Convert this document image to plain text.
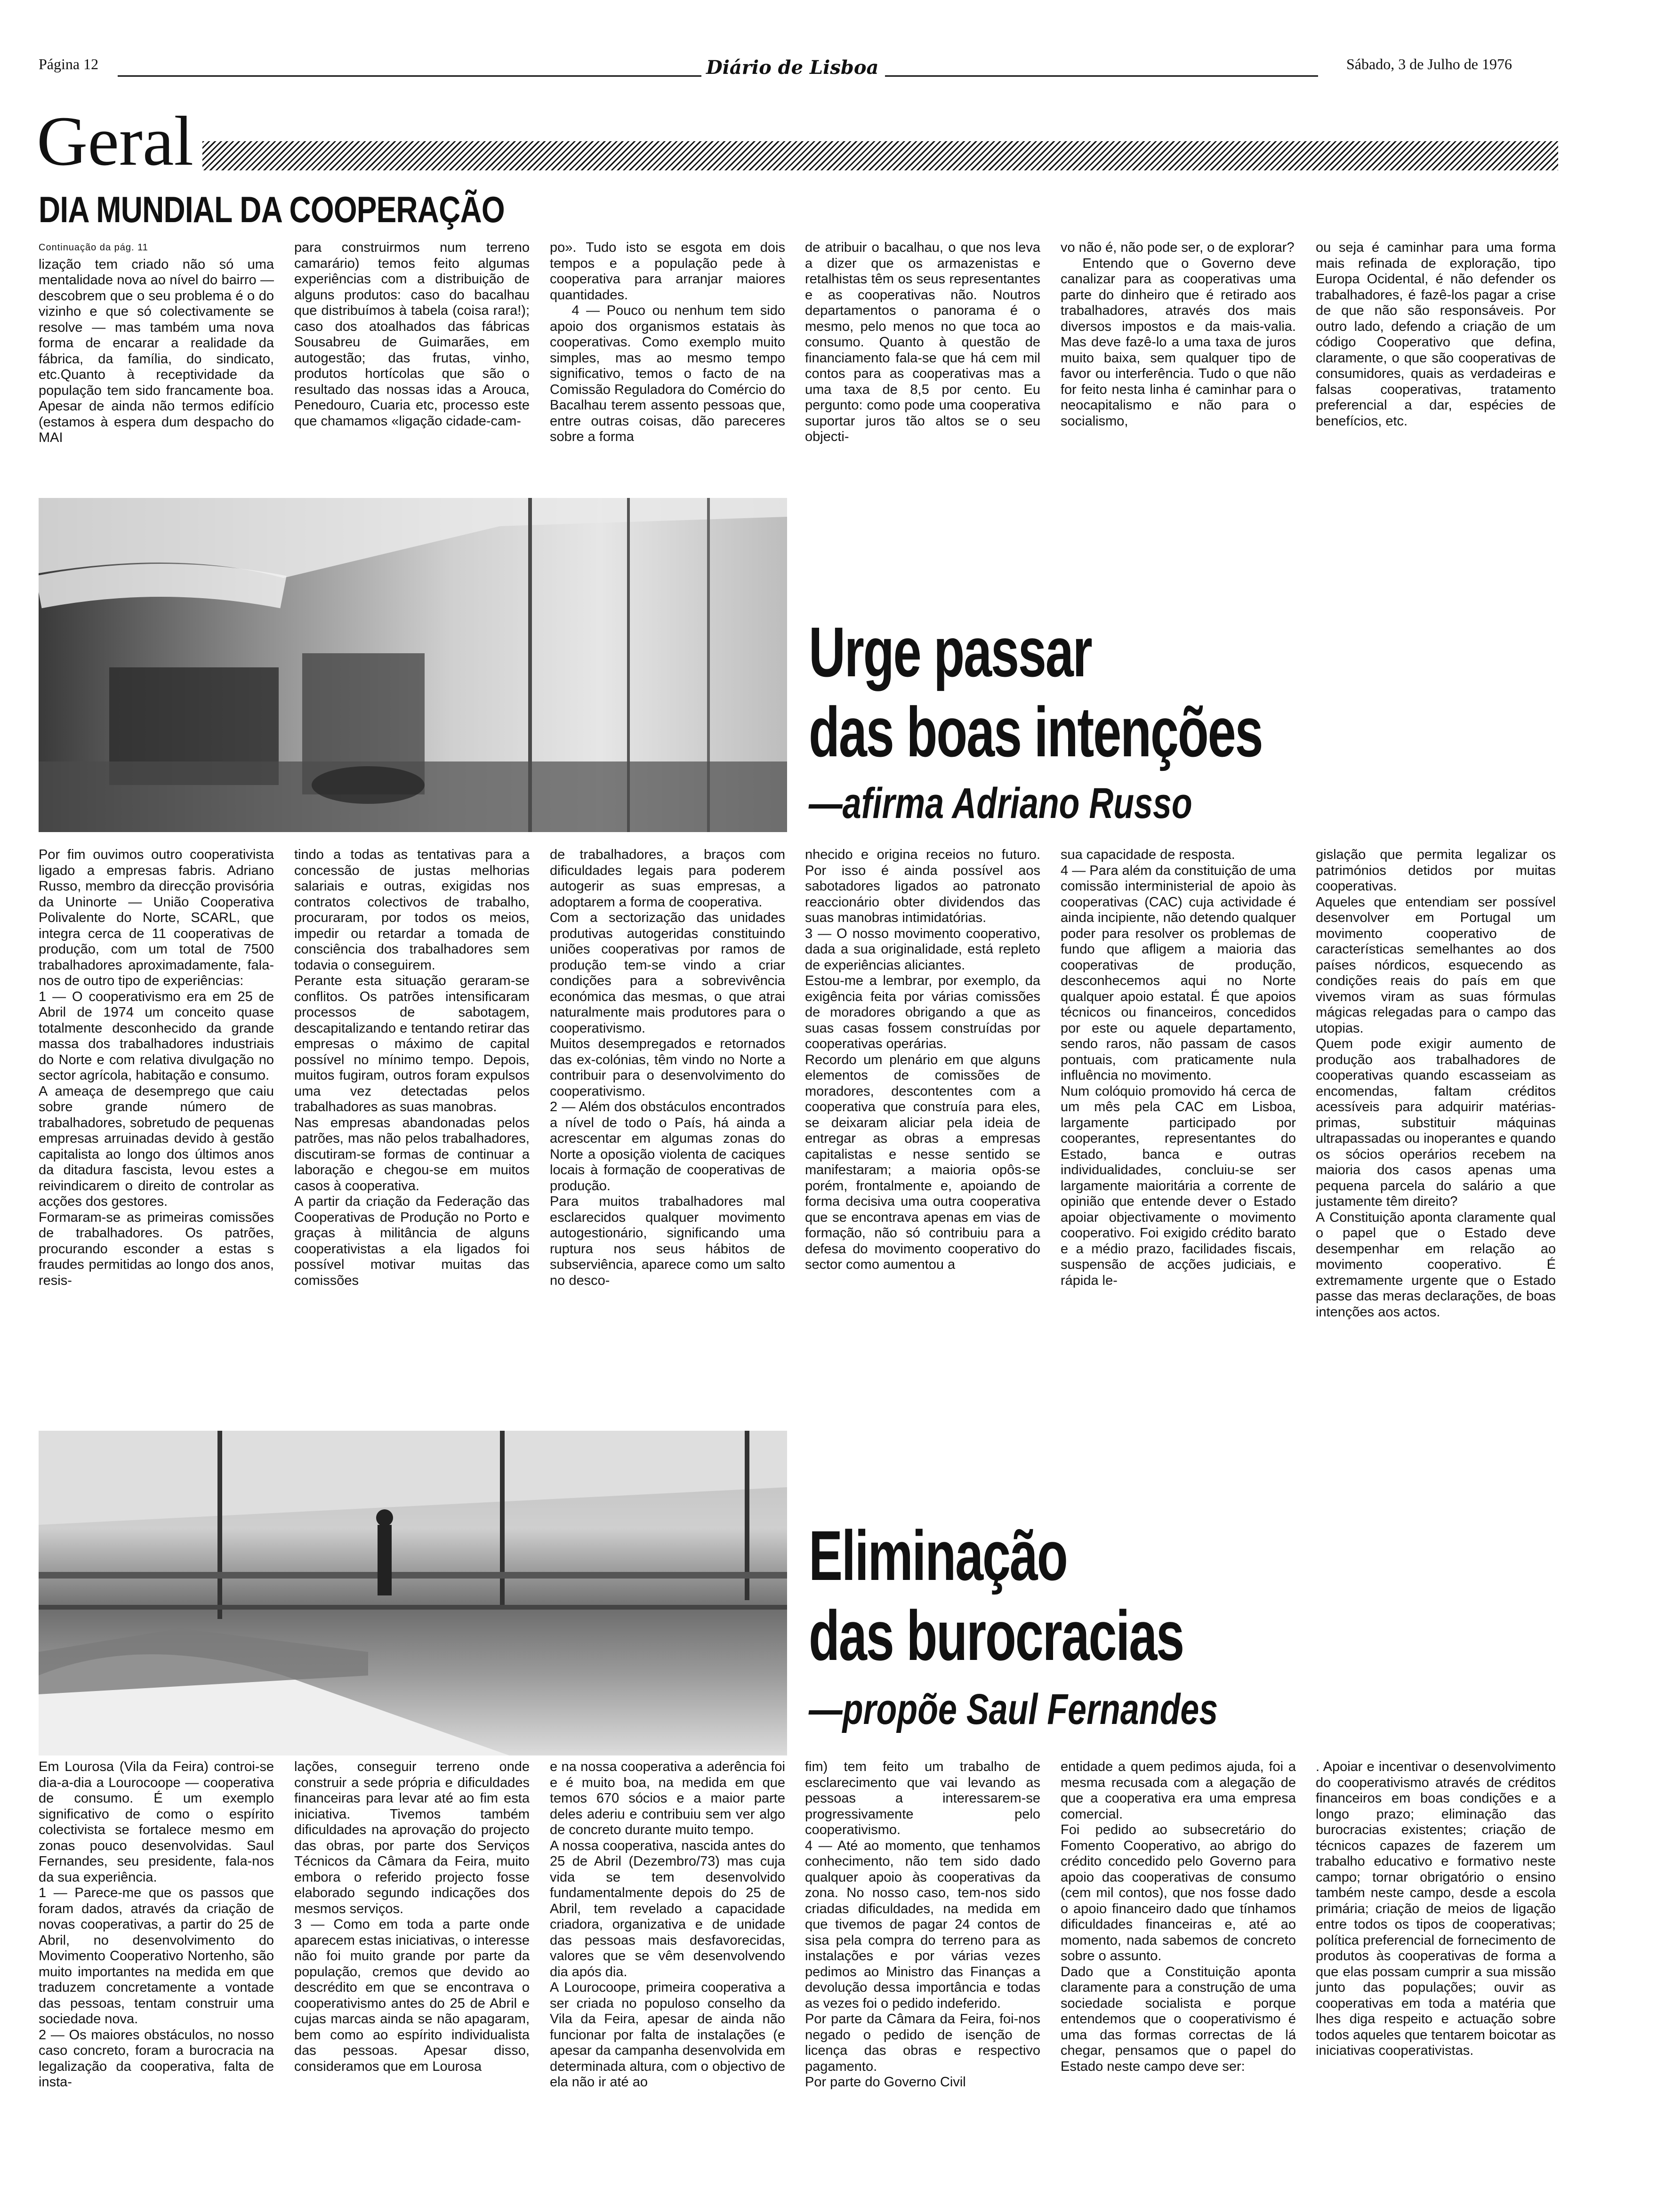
Página 12	Diário de Lisboa	Sábado, 3 de Julho de 1976
Geral
DIA MUNDIAL DA COOPERAÇÃO
Continuação da pág. 11

lização tem criado não só uma mentalidade nova ao nível do bairro — descobrem que o seu problema é o do vizinho e que só colectivamente se resolve — mas também uma nova forma de encarar a realidade da fábrica, da família, do sindicato, etc.Quanto à receptividade da população tem sido francamente boa. Apesar de ainda não termos edifício (estamos à espera dum despacho do MAI

para construirmos num terreno camarário) temos feito algumas experiências com a distribuição de alguns produtos: caso do bacalhau que distribuímos à tabela (coisa rara!); caso dos atoalhados das fábricas Sousabreu de Guimarães, em autogestão; das frutas, vinho, produtos hortícolas que são o resultado das nossas idas a Arouca, Penedouro, Cuaria etc, processo este que chamamos «ligação cidade-cam-

po». Tudo isto se esgota em dois tempos e a população pede à cooperativa para arranjar maiores quantidades.

4 — Pouco ou nenhum tem sido apoio dos organismos estatais às cooperativas. Como exemplo muito simples, mas ao mesmo tempo significativo, temos o facto de na Comissão Reguladora do Comércio do Bacalhau terem assento pessoas que, entre outras coisas, dão pareceres sobre a forma

de atribuir o bacalhau, o que nos leva a dizer que os armazenistas e retalhistas têm os seus representantes e as cooperativas não. Noutros departamentos o panorama é o mesmo, pelo menos no que toca ao consumo. Quanto à questão de financiamento fala-se que há cem mil contos para as cooperativas mas a uma taxa de 8,5 por cento. Eu pergunto: como pode uma cooperativa suportar juros tão altos se o seu objecti-

vo não é, não pode ser, o de explorar?

Entendo que o Governo deve canalizar para as cooperativas uma parte do dinheiro que é retirado aos trabalhadores, através dos mais diversos impostos e da mais-valia. Mas deve fazê-lo a uma taxa de juros muito baixa, sem qualquer tipo de favor ou interferência. Tudo o que não for feito nesta linha é caminhar para o neocapitalismo e não para o socialismo,

ou seja é caminhar para uma forma mais refinada de exploração, tipo Europa Ocidental, é não defender os trabalhadores, é fazê-los pagar a crise de que não são responsáveis. Por outro lado, defendo a criação de um código Cooperativo que defina, claramente, o que são cooperativas de consumidores, quais as verdadeiras e falsas cooperativas, tratamento preferencial a dar, espécies de benefícios, etc.

Urge passar
das boas intenções
—afirma Adriano Russo
Por fim ouvimos outro cooperativista ligado a empresas fabris. Adriano Russo, membro da direcção provisória da Uninorte — União Cooperativa Polivalente do Norte, SCARL, que integra cerca de 11 cooperativas de produção, com um total de 7500 trabalhadores aproximadamente, fala-nos de outro tipo de experiências:
1 — O cooperativismo era em 25 de Abril de 1974 um conceito quase totalmente desconhecido da grande massa dos trabalhadores industriais do Norte e com relativa divulgação no sector agrícola, habitação e consumo.
A ameaça de desemprego que caiu sobre grande número de trabalhadores, sobretudo de pequenas empresas arruinadas devido à gestão capitalista ao longo dos últimos anos da ditadura fascista, levou estes a reivindicarem o direito de controlar as acções dos gestores.
Formaram-se as primeiras comissões de trabalhadores. Os patrões, procurando esconder a estas s fraudes permitidas ao longo dos anos, resis-
tindo a todas as tentativas para a concessão de justas melhorias salariais e outras, exigidas nos contratos colectivos de trabalho, procuraram, por todos os meios, impedir ou retardar a tomada de consciência dos trabalhadores sem todavia o conseguirem.
Perante esta situação geraram-se conflitos. Os patrões intensificaram processos de sabotagem, descapitalizando e tentando retirar das empresas o máximo de capital possível no mínimo tempo. Depois, muitos fugiram, outros foram expulsos uma vez detectadas pelos trabalhadores as suas manobras.
Nas empresas abandonadas pelos patrões, mas não pelos trabalhadores, discutiram-se formas de continuar a laboração e chegou-se em muitos casos à cooperativa.
A partir da criação da Federação das Cooperativas de Produção no Porto e graças à militância de alguns cooperativistas a ela ligados foi possível motivar muitas das comissões
de trabalhadores, a braços com dificuldades legais para poderem autogerir as suas empresas, a adoptarem a forma de cooperativa.
Com a sectorização das unidades produtivas autogeridas constituindo uniões cooperativas por ramos de produção tem-se vindo a criar condições para a sobrevivência económica das mesmas, o que atrai naturalmente mais produtores para o cooperativismo.
Muitos desempregados e retornados das ex-colónias, têm vindo no Norte a contribuir para o desenvolvimento do cooperativismo.
2 — Além dos obstáculos encontrados a nível de todo o País, há ainda a acrescentar em algumas zonas do Norte a oposição violenta de caciques locais à formação de cooperativas de produção.
Para muitos trabalhadores mal esclarecidos qualquer movimento autogestionário, significando uma ruptura nos seus hábitos de subserviência, aparece como um salto no desco-
nhecido e origina receios no futuro. Por isso é ainda possível aos sabotadores ligados ao patronato reaccionário obter dividendos das suas manobras intimidatórias.
3 — O nosso movimento cooperativo, dada a sua originalidade, está repleto de experiências aliciantes.
Estou-me a lembrar, por exemplo, da exigência feita por várias comissões de moradores obrigando a que as suas casas fossem construídas por cooperativas operárias.
Recordo um plenário em que alguns elementos de comissões de moradores, descontentes com a cooperativa que construía para eles, se deixaram aliciar pela ideia de entregar as obras a empresas capitalistas e nesse sentido se manifestaram; a maioria opôs-se porém, frontalmente e, apoiando de forma decisiva uma outra cooperativa que se encontrava apenas em vias de formação, não só contribuiu para a defesa do movimento cooperativo do sector como aumentou a
sua capacidade de resposta.
4 — Para além da constituição de uma comissão interministerial de apoio às cooperativas (CAC) cuja actividade é ainda incipiente, não detendo qualquer poder para resolver os problemas de fundo que afligem a maioria das cooperativas de produção, desconhecemos aqui no Norte qualquer apoio estatal. É que apoios técnicos ou financeiros, concedidos por este ou aquele departamento, sendo raros, não passam de casos pontuais, com praticamente nula influência no movimento.
Num colóquio promovido há cerca de um mês pela CAC em Lisboa, largamente participado por cooperantes, representantes do Estado, banca e outras individualidades, concluiu-se ser largamente maioritária a corrente de opinião que entende dever o Estado apoiar objectivamente o movimento cooperativo. Foi exigido crédito barato e a médio prazo, facilidades fiscais, suspensão de acções judiciais, e rápida le-
gislação que permita legalizar os patrimónios detidos por muitas cooperativas.
Aqueles que entendiam ser possível desenvolver em Portugal um movimento cooperativo de características semelhantes ao dos países nórdicos, esquecendo as condições reais do país em que vivemos viram as suas fórmulas mágicas relegadas para o campo das utopias.
Quem pode exigir aumento de produção aos trabalhadores de cooperativas quando escasseiam as encomendas, faltam créditos acessíveis para adquirir matérias-primas, substituir máquinas ultrapassadas ou inoperantes e quando os sócios operários recebem na maioria dos casos apenas uma pequena parcela do salário a que justamente têm direito?
A Constituição aponta claramente qual o papel que o Estado deve desempenhar em relação ao movimento cooperativo. É extremamente urgente que o Estado passe das meras declarações, de boas intenções aos actos.
Eliminação
das burocracias
—propõe Saul Fernandes
Em Lourosa (Vila da Feira) controi-se dia-a-dia a Lourocoope — cooperativa de consumo. É um exemplo significativo de como o espírito colectivista se fortalece mesmo em zonas pouco desenvolvidas. Saul Fernandes, seu presidente, fala-nos da sua experiência.
1 — Parece-me que os passos que foram dados, através da criação de novas cooperativas, a partir do 25 de Abril, no desenvolvimento do Movimento Cooperativo Nortenho, são muito importantes na medida em que traduzem concretamente a vontade das pessoas, tentam construir uma sociedade nova.
2 — Os maiores obstáculos, no nosso caso concreto, foram a burocracia na legalização da cooperativa, falta de insta-
lações, conseguir terreno onde construir a sede própria e dificuldades financeiras para levar até ao fim esta iniciativa. Tivemos também dificuldades na aprovação do projecto das obras, por parte dos Serviços Técnicos da Câmara da Feira, muito embora o referido projecto fosse elaborado segundo indicações dos mesmos serviços.
3 — Como em toda a parte onde aparecem estas iniciativas, o interesse não foi muito grande por parte da população, cremos que devido ao descrédito em que se encontrava o cooperativismo antes do 25 de Abril e cujas marcas ainda se não apagaram, bem como ao espírito individualista das pessoas. Apesar disso, consideramos que em Lourosa
e na nossa cooperativa a aderência foi e é muito boa, na medida em que temos 670 sócios e a maior parte deles aderiu e contribuiu sem ver algo de concreto durante muito tempo.
A nossa cooperativa, nascida antes do 25 de Abril (Dezembro/73) mas cuja vida se tem desenvolvido fundamentalmente depois do 25 de Abril, tem revelado a capacidade criadora, organizativa e de unidade das pessoas mais desfavorecidas, valores que se vêm desenvolvendo dia após dia.
A Lourocoope, primeira cooperativa a ser criada no populoso conselho da Vila da Feira, apesar de ainda não funcionar por falta de instalações (e apesar da campanha desenvolvida em determinada altura, com o objectivo de ela não ir até ao
fim) tem feito um trabalho de esclarecimento que vai levando as pessoas a interessarem-se progressivamente pelo cooperativismo.
4 — Até ao momento, que tenhamos conhecimento, não tem sido dado qualquer apoio às cooperativas da zona. No nosso caso, tem-nos sido criadas dificuldades, na medida em que tivemos de pagar 24 contos de sisa pela compra do terreno para as instalações e por várias vezes pedimos ao Ministro das Finanças a devolução dessa importância e todas as vezes foi o pedido indeferido.
Por parte da Câmara da Feira, foi-nos negado o pedido de isenção de licença das obras e respectivo pagamento.
Por parte do Governo Civil
entidade a quem pedimos ajuda, foi a mesma recusada com a alegação de que a cooperativa era uma empresa comercial.
Foi pedido ao subsecretário do Fomento Cooperativo, ao abrigo do crédito concedido pelo Governo para apoio das cooperativas de consumo (cem mil contos), que nos fosse dado o apoio financeiro dado que tínhamos dificuldades financeiras e, até ao momento, nada sabemos de concreto sobre o assunto.
Dado que a Constituição aponta claramente para a construção de uma sociedade socialista e porque entendemos que o cooperativismo é uma das formas correctas de lá chegar, pensamos que o papel do Estado neste campo deve ser:
. Apoiar e incentivar o desenvolvimento do cooperativismo através de créditos financeiros em boas condições e a longo prazo; eliminação das burocracias existentes; criação de técnicos capazes de fazerem um trabalho educativo e formativo neste campo; tornar obrigatório o ensino também neste campo, desde a escola primária; criação de meios de ligação entre todos os tipos de cooperativas; política preferencial de fornecimento de produtos às cooperativas de forma a que elas possam cumprir a sua missão junto das populações; ouvir as cooperativas em toda a matéria que lhes diga respeito e actuação sobre todos aqueles que tentarem boicotar as iniciativas cooperativistas.
